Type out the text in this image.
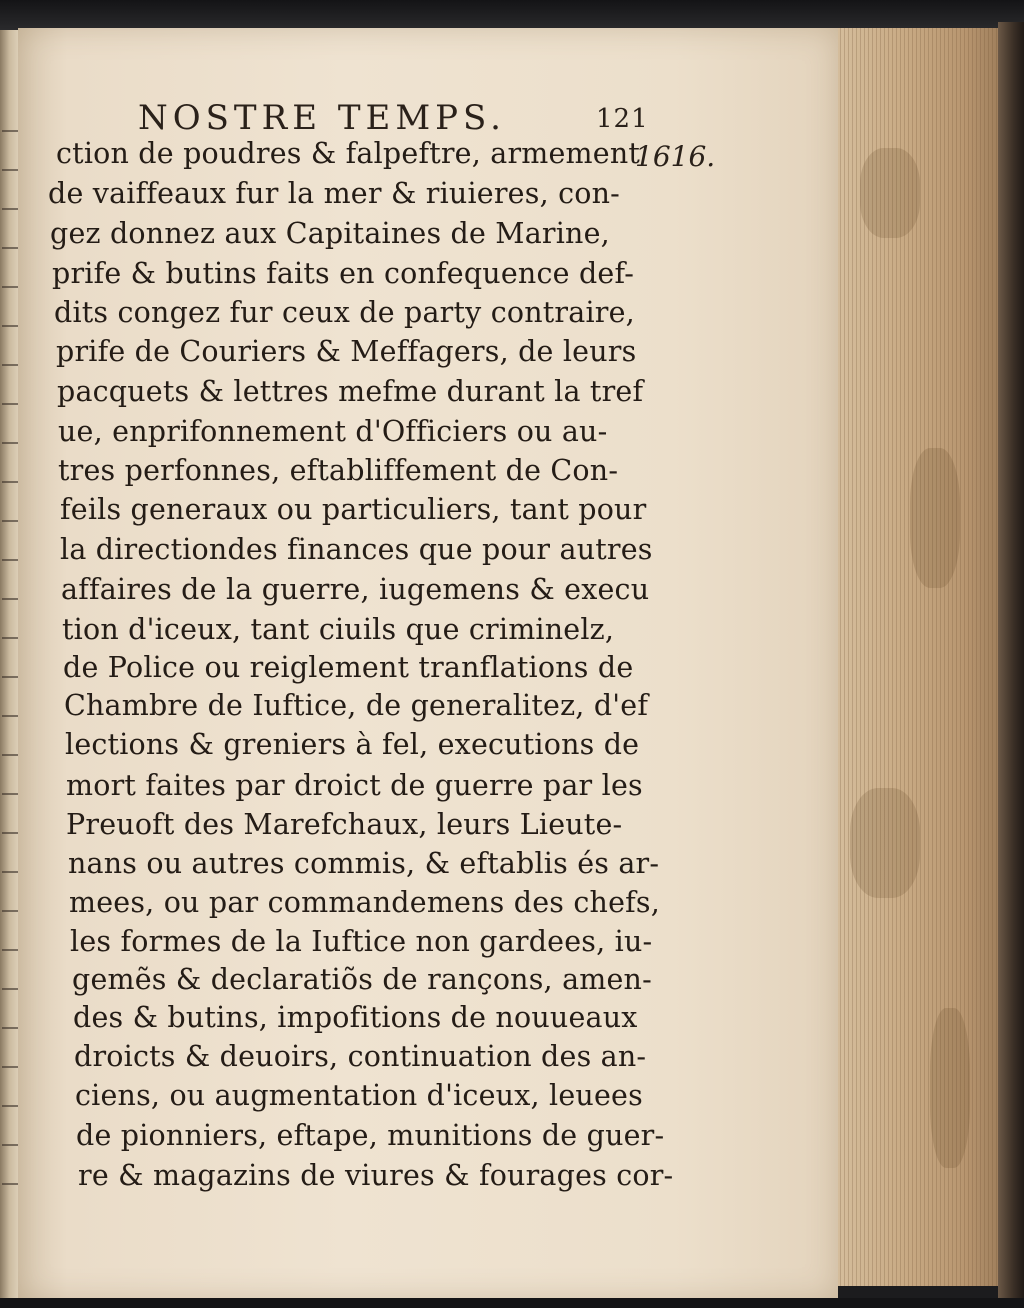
NOSTRE TEMPS.	121
1616.
ction de poudres & falpeftre, armement
de vaiffeaux fur la mer & riuieres, con-
gez donnez aux Capitaines de Marine,
prife & butins faits en confequence def-
dits congez fur ceux de party contraire,
prife de Couriers & Meffagers, de leurs
pacquets & lettres mefme durant la tref
ue, enprifonnement d'Officiers ou au-
tres perfonnes, eftabliffement de Con-
feils generaux ou particuliers, tant pour
la directiondes finances que pour autres
affaires de la guerre, iugemens & execu
tion d'iceux, tant ciuils que criminelz,
de Police ou reiglement tranflations de
Chambre de Iuftice, de generalitez, d'ef
lections & greniers à fel, executions de
mort faites par droict de guerre par les
Preuoft des Marefchaux, leurs Lieute-
nans ou autres commis, & eftablis és ar-
mees, ou par commandemens des chefs,
les formes de la Iuftice non gardees, iu-
gemẽs & declaratiõs de rançons, amen-
des & butins, impofitions de nouueaux
droicts & deuoirs, continuation des an-
ciens, ou augmentation d'iceux, leuees
de pionniers, eftape, munitions de guer-
re & magazins de viures & fourages cor-
